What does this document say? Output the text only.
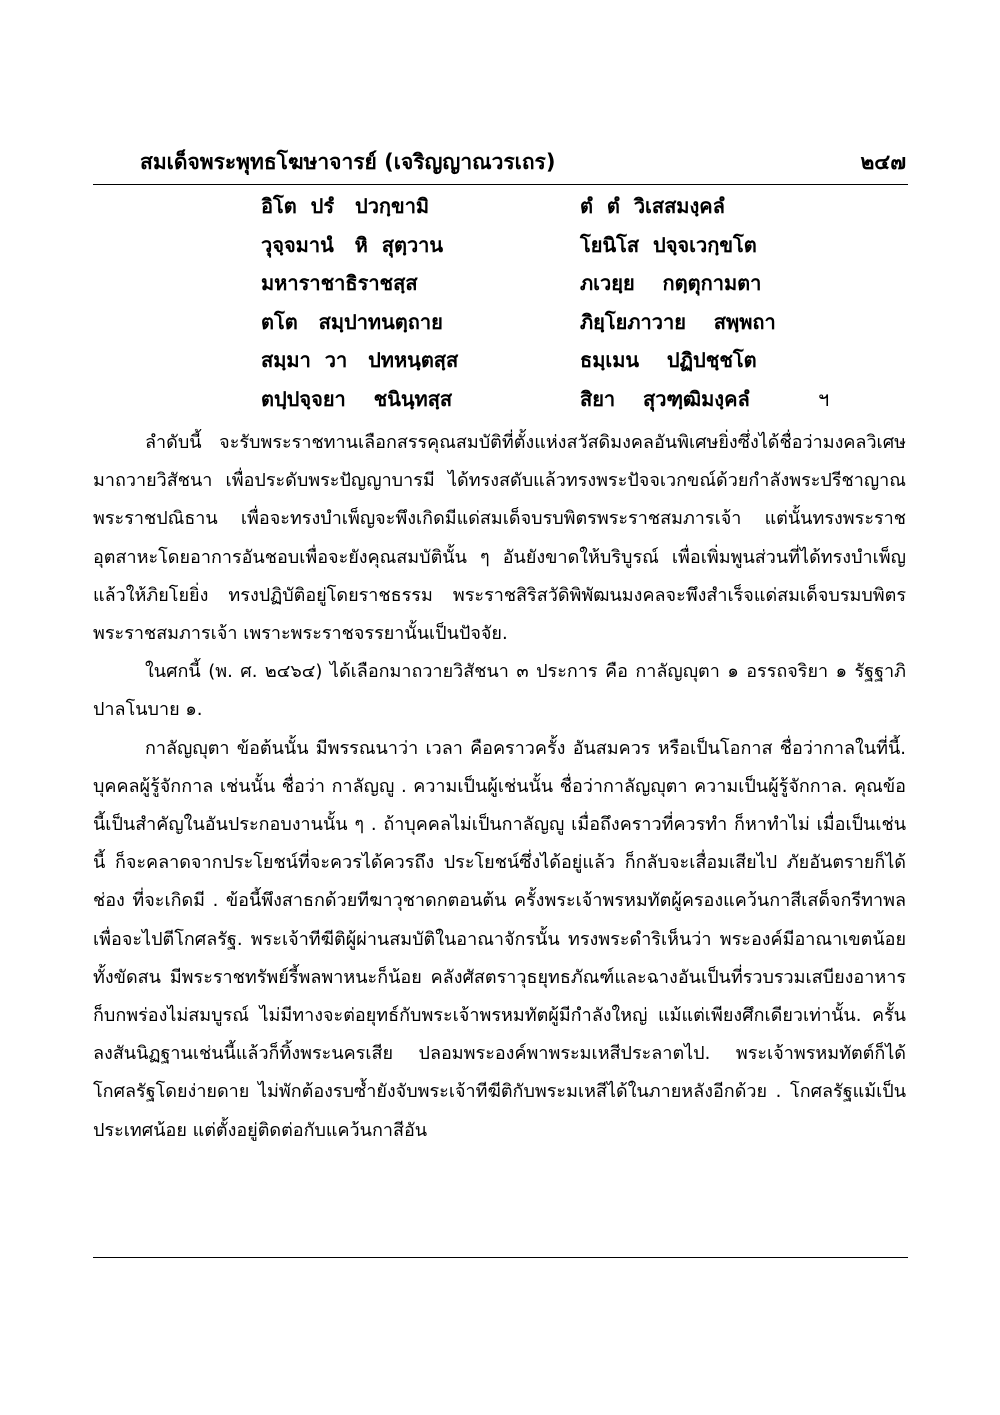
สมเด็จพระพุทธโฆษาจารย์ (เจริญญาณวรเถร)	๒๔๗
อิโต  ปรํ   ปวกฺขามิ	ตํ  ตํ  วิเสสมงฺคลํ
วุจฺจมานํ   หิ  สุตฺวาน	โยนิโส  ปจฺจเวกฺขโต
มหาราชาธิราชสฺส	ภเวยฺย    กตฺตุกามตา
ตโต   สมฺปาทนตฺถาย	ภิยฺโยภาวาย    สพฺพถา
สมฺมา  วา   ปทหนฺตสฺส	ธมฺเมน    ปฏิปชฺชโต
ตปฺปจฺจยา    ชนินฺทสฺส	สิยา    สุวฑฺฒิมงฺคลํ	ฯ

ลำดับนี้ จะรับพระราชทานเลือกสรรคุณสมบัติที่ตั้งแห่งสวัสดิมงคลอันพิเศษยิ่งซึ่งได้ชื่อว่ามงคลวิเศษมาถวายวิสัชนา เพื่อประดับพระปัญญาบารมี ได้ทรงสดับแล้วทรงพระปัจจเวกขณ์ด้วยกำลังพระปรีชาญาณ พระราชปณิธาน เพื่อจะทรงบำเพ็ญจะพึงเกิดมีแด่สมเด็จบรบพิตรพระราชสมภารเจ้า แต่นั้นทรงพระราชอุตสาหะโดยอาการอันชอบเพื่อจะยังคุณสมบัตินั้น ๆ อันยังขาดให้บริบูรณ์ เพื่อเพิ่มพูนส่วนที่ได้ทรงบำเพ็ญแล้วให้ภิยโยยิ่ง ทรงปฏิบัติอยู่โดยราชธรรม พระราชสิริสวัดิพิพัฒนมงคลจะพึงสำเร็จแด่สมเด็จบรมบพิตรพระราชสมภารเจ้า เพราะพระราชจรรยานั้นเป็นปัจจัย.

ในศกนี้ (พ. ศ. ๒๔๖๔) ได้เลือกมาถวายวิสัชนา ๓ ประการ คือ กาลัญญุตา ๑ อรรถจริยา ๑ รัฐฐาภิปาลโนบาย ๑.

กาลัญญุตา ข้อต้นนั้น มีพรรณนาว่า เวลา คือคราวครั้ง อันสมควร หรือเป็นโอกาส ชื่อว่ากาลในที่นี้. บุคคลผู้รู้จักกาล เช่นนั้น ชื่อว่า กาลัญญู . ความเป็นผู้เช่นนั้น ชื่อว่ากาลัญญุตา ความเป็นผู้รู้จักกาล. คุณข้อนี้เป็นสำคัญในอันประกอบงานนั้น ๆ . ถ้าบุคคลไม่เป็นกาลัญญู เมื่อถึงคราวที่ควรทำ ก็หาทำไม่ เมื่อเป็นเช่นนี้ ก็จะคลาดจากประโยชน์ที่จะควรได้ควรถึง ประโยชน์ซึ่งได้อยู่แล้ว ก็กลับจะเสื่อมเสียไป ภัยอันตรายก็ได้ช่อง ที่จะเกิดมี . ข้อนี้พึงสาธกด้วยทีฆาวุชาดกตอนต้น ครั้งพระเจ้าพรหมทัตผู้ครองแคว้นกาสีเสด็จกรีทาพล เพื่อจะไปตีโกศลรัฐ. พระเจ้าทีฆีติผู้ผ่านสมบัติในอาณาจักรนั้น ทรงพระดำริเห็นว่า พระองค์มีอาณาเขตน้อย ทั้งขัดสน มีพระราชทรัพย์รี้พลพาหนะก็น้อย คลังศัสตราวุธยุทธภัณฑ์และฉางอันเป็นที่รวบรวมเสบียงอาหารก็บกพร่องไม่สมบูรณ์ ไม่มีทางจะต่อยุทธ์กับพระเจ้าพรหมทัตผู้มีกำลังใหญ่ แม้แต่เพียงศึกเดียวเท่านั้น. ครั้นลงสันนิฏฐานเช่นนี้แล้วก็ทิ้งพระนครเสีย ปลอมพระองค์พาพระมเหสีประลาตไป. พระเจ้าพรหมทัตต์ก็ได้โกศลรัฐโดยง่ายดาย ไม่พักต้องรบซ้ำยังจับพระเจ้าทีฆีติกับพระมเหสีได้ในภายหลังอีกด้วย . โกศลรัฐแม้เป็นประเทศน้อย แต่ตั้งอยู่ติดต่อกับแคว้นกาสีอัน
